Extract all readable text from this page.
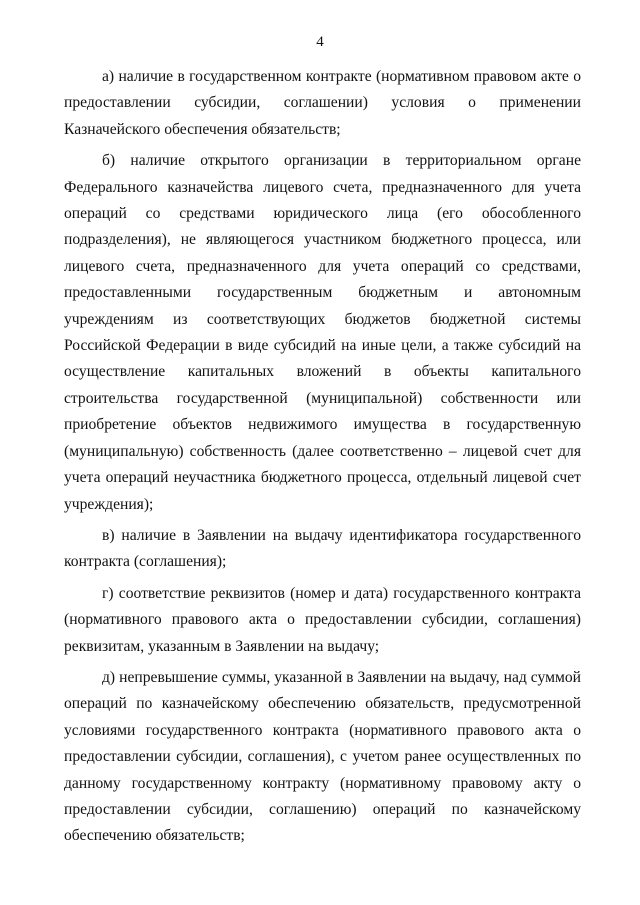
4

а) наличие в государственном контракте (нормативном правовом акте о предоставлении субсидии, соглашении) условия о применении Казначейского обеспечения обязательств;

б) наличие открытого организации в территориальном органе Федерального казначейства лицевого счета, предназначенного для учета операций со средствами юридического лица (его обособленного подразделения), не являющегося участником бюджетного процесса, или лицевого счета, предназначенного для учета операций со средствами, предоставленными государственным бюджетным и автономным учреждениям из соответствующих бюджетов бюджетной системы Российской Федерации в виде субсидий на иные цели, а также субсидий на осуществление капитальных вложений в объекты капитального строительства государственной (муниципальной) собственности или приобретение объектов недвижимого имущества в государственную (муниципальную) собственность (далее соответственно – лицевой счет для учета операций неучастника бюджетного процесса, отдельный лицевой счет учреждения);

в) наличие в Заявлении на выдачу идентификатора государственного контракта (соглашения);

г) соответствие реквизитов (номер и дата) государственного контракта (нормативного правового акта о предоставлении субсидии, соглашения) реквизитам, указанным в Заявлении на выдачу;

д) непревышение суммы, указанной в Заявлении на выдачу, над суммой операций по казначейскому обеспечению обязательств, предусмотренной условиями государственного контракта (нормативного правового акта о предоставлении субсидии, соглашения), с учетом ранее осуществленных по данному государственному контракту (нормативному правовому акту о предоставлении субсидии, соглашению) операций по казначейскому обеспечению обязательств;
